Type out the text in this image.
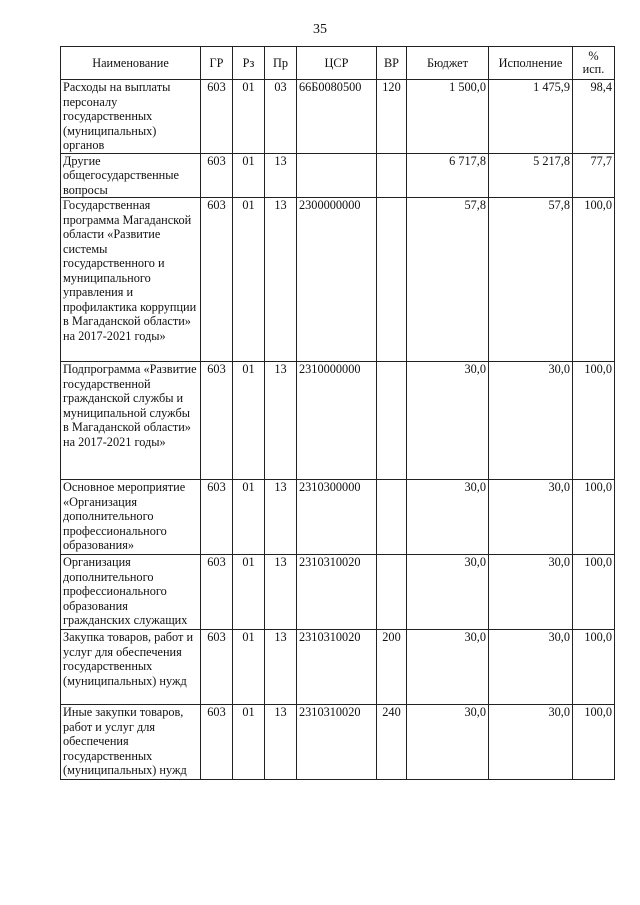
35
Наименование	ГР	Рз	Пр	ЦСР	ВР	Бюджет	Исполнение	%
исп.

Расходы на выплаты персоналу государственных (муниципальных) органов	603	01	03	66Б0080500	120	1 500,0	1 475,9	98,4
Другие общегосударственные вопросы	603	01	13			6 717,8	5 217,8	77,7
Государственная программа Магаданской области «Развитие системы государственного и муниципального управления и профилактика коррупции в Магаданской области» на 2017-2021 годы»	603	01	13	2300000000		57,8	57,8	100,0
Подпрограмма «Развитие государственной гражданской службы и муниципальной службы в Магаданской области» на 2017-2021 годы»	603	01	13	2310000000		30,0	30,0	100,0
Основное мероприятие «Организация дополнительного профессионального образования»	603	01	13	2310300000		30,0	30,0	100,0
Организация дополнительного профессионального образования гражданских служащих	603	01	13	2310310020		30,0	30,0	100,0
Закупка товаров, работ и услуг для обеспечения государственных (муниципальных) нужд	603	01	13	2310310020	200	30,0	30,0	100,0
Иные закупки товаров, работ и услуг для обеспечения государственных (муниципальных) нужд	603	01	13	2310310020	240	30,0	30,0	100,0
